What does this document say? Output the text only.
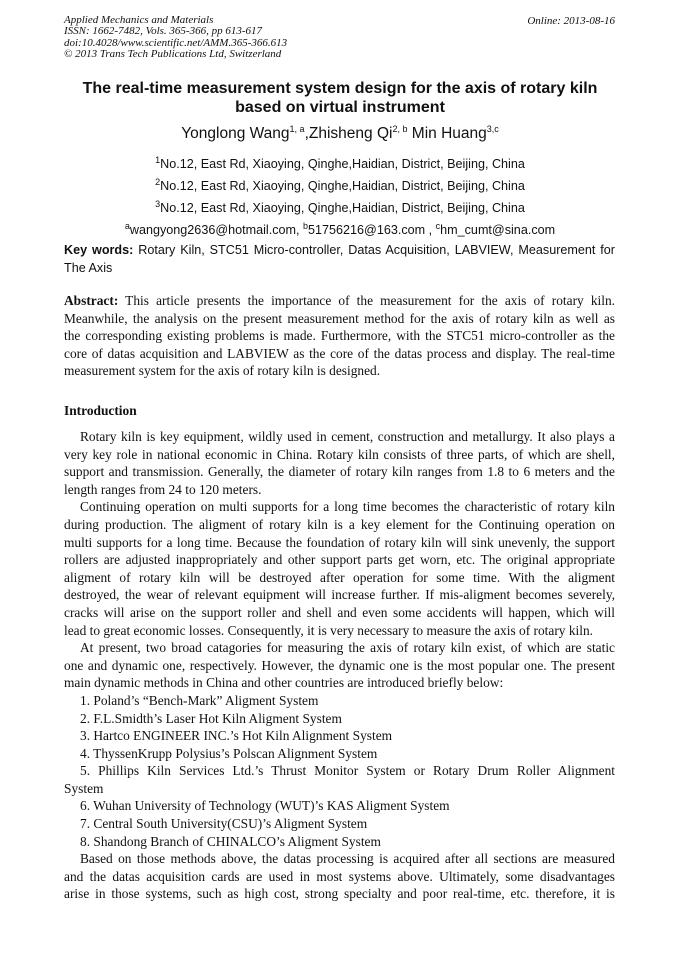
Applied Mechanics and Materials
ISSN: 1662-7482, Vols. 365-366, pp 613-617
doi:10.4028/www.scientific.net/AMM.365-366.613
© 2013 Trans Tech Publications Ltd, Switzerland
Online: 2013-08-16
The real-time measurement system design for the axis of rotary kiln
based on virtual instrument
Yonglong Wang$^{1, a}$,Zhisheng Qi$^{2, b}$ Min Huang$^{3,c}$
$^1$No.12, East Rd, Xiaoying, Qinghe,Haidian, District, Beijing, China
$^2$No.12, East Rd, Xiaoying, Qinghe,Haidian, District, Beijing, China
$^3$No.12, East Rd, Xiaoying, Qinghe,Haidian, District, Beijing, China
$^a$wangyong2636@hotmail.com, $^b$51756216@163.com , $^c$hm_cumt@sina.com
Key words: Rotary Kiln, STC51 Micro-controller, Datas Acquisition, LABVIEW, Measurement for
The Axis
Abstract: This article presents the importance of the measurement for the axis of rotary kiln.
Meanwhile, the analysis on the present measurement method for the axis of rotary kiln as well as
the corresponding existing problems is made. Furthermore, with the STC51 micro-controller as the
core of datas acquisition and LABVIEW as the core of the datas process and display. The real-time
measurement system for the axis of rotary kiln is designed.
Introduction
Rotary kiln is key equipment, wildly used in cement, construction and metallurgy. It also plays a
very key role in national economic in China. Rotary kiln consists of three parts, of which are shell,
support and transmission. Generally, the diameter of rotary kiln ranges from 1.8 to 6 meters and the
length ranges from 24 to 120 meters.
Continuing operation on multi supports for a long time becomes the characteristic of rotary kiln
during production. The aligment of rotary kiln is a key element for the Continuing operation on
multi supports for a long time. Because the foundation of rotary kiln will sink unevenly, the support
rollers are adjusted inappropriately and other support parts get worn, etc. The original appropriate
aligment of rotary kiln will be destroyed after operation for some time. With the aligment
destroyed, the wear of relevant equipment will increase further. If mis-aligment becomes severely,
cracks will arise on the support roller and shell and even some accidents will happen, which will
lead to great economic losses. Consequently, it is very necessary to measure the axis of rotary kiln.
At present, two broad catagories for measuring the axis of rotary kiln exist, of which are static
one and dynamic one, respectively. However, the dynamic one is the most popular one. The present
main dynamic methods in China and other countries are introduced briefly below:
1. Poland’s “Bench-Mark” Aligment System
2. F.L.Smidth’s Laser Hot Kiln Aligment System
3. Hartco ENGINEER INC.’s Hot Kiln Alignment System
4. ThyssenKrupp Polysius’s Polscan Alignment System
5. Phillips Kiln Services Ltd.’s Thrust Monitor System or Rotary Drum Roller Alignment
System
6. Wuhan University of Technology (WUT)’s KAS Aligment System
7. Central South University(CSU)’s Aligment System
8. Shandong Branch of CHINALCO’s Aligment System
Based on those methods above, the datas processing is acquired after all sections are measured
and the datas acquisition cards are used in most systems above. Ultimately, some disadvantages
arise in those systems, such as high cost, strong specialty and poor real-time, etc. therefore, it is
